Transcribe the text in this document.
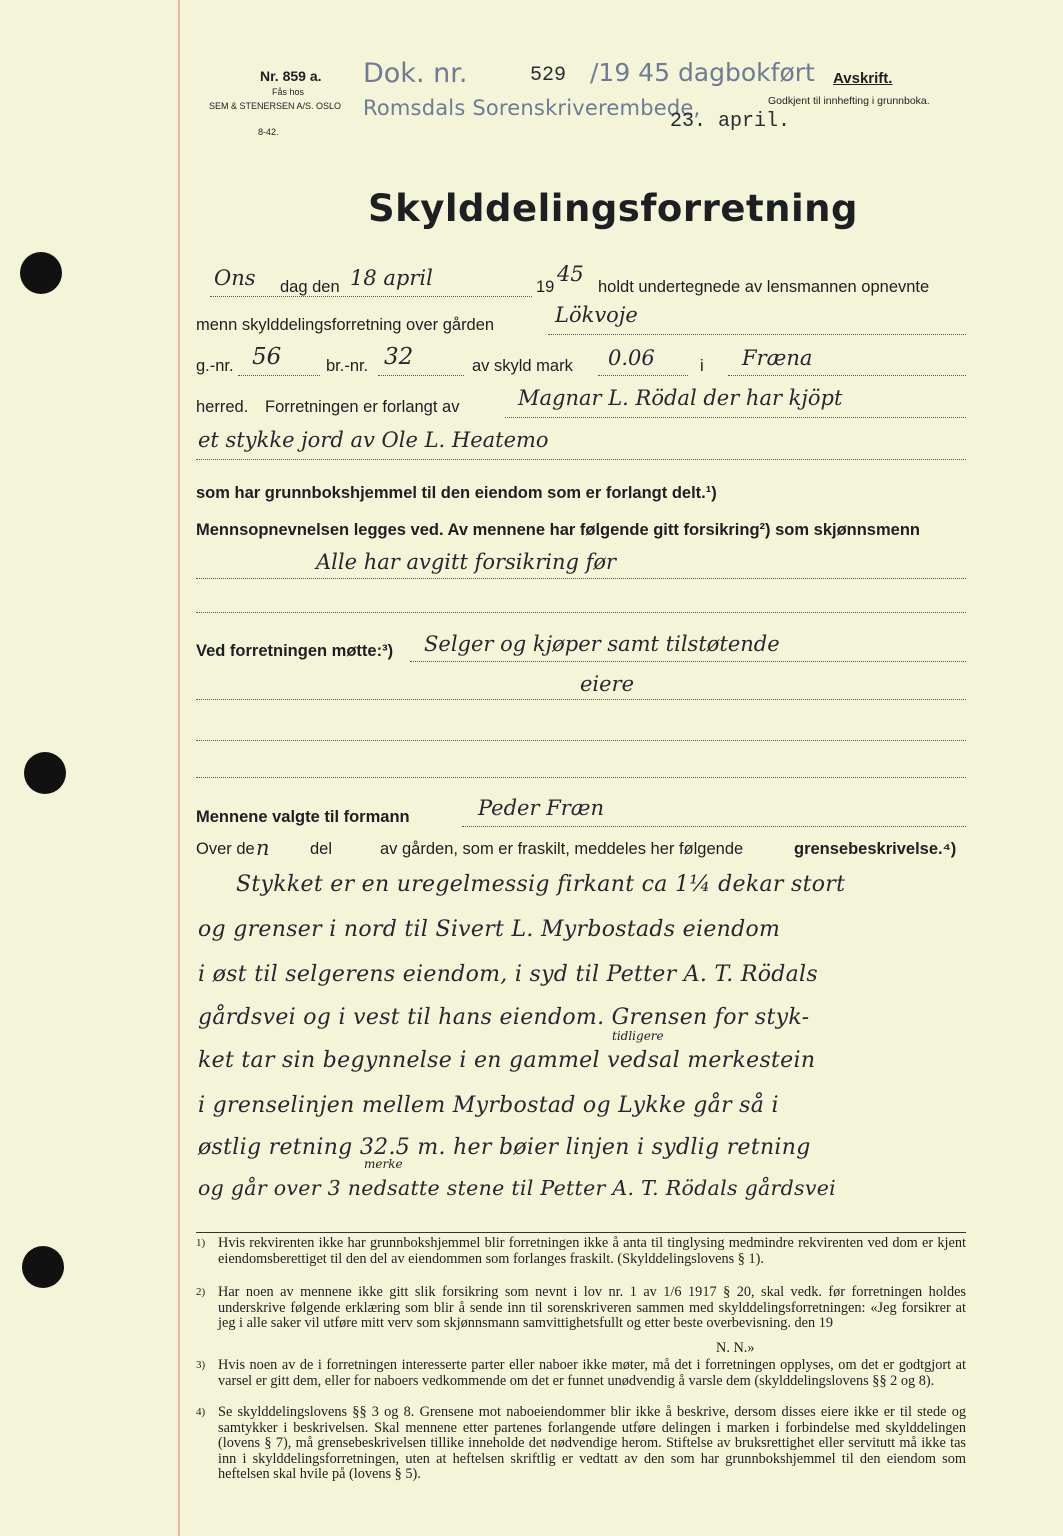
Nr. 859 a.
Fås hos
SEM & STENERSEN A/S. OSLO
8-42.
Dok. nr.	529 /19 45 dagbokført
Romsdals Sorenskriverembede,
23. april.
Avskrift.
Godkjent til innhefting i grunnboka.
Skylddelingsforretning
Ons dag den 18 april	19
45
holdt undertegnede av lensmannen opnevnte
menn skylddelingsforretning over gården	Lökvoje
g.-nr. 56	br.-nr. 32	av skyld mark 0.06	i Fræna
herred. Forretningen er forlangt av	Magnar L. Rödal der har kjöpt
et stykke jord av Ole L. Heatemo
som har grunnbokshjemmel til den eiendom som er forlangt delt.¹)
Mennsopnevnelsen legges ved. Av mennene har følgende gitt forsikring²) som skjønnsmenn
Alle har avgitt forsikring før
Ved forretningen møtte:³) Selger og kjøper samt tilstøtende
eiere
Mennene valgte til formann	Peder Fræn
Over de n del	av gården, som er fraskilt, meddeles her følgende	grensebeskrivelse.⁴)
Stykket er en uregelmessig firkant ca 1¼ dekar stort
og grenser i nord til Sivert L. Myrbostads eiendom
i øst til selgerens eiendom, i syd til Petter A. T. Rödals
gårdsvei og i vest til hans eiendom. Grensen for styk-
tidligere
ket tar sin begynnelse i en gammel vedsal merkestein
i grenselinjen mellem Myrbostad og Lykke går så i
østlig retning 32.5 m. her bøier linjen i sydlig retning
merke
og går over 3 nedsatte stene til Petter A. T. Rödals gårdsvei
1) Hvis rekvirenten ikke har grunnbokshjemmel blir forretningen ikke å anta til tinglysing medmindre rekvirenten ved dom er kjent eiendomsberettiget til den del av eiendommen som forlanges fraskilt. (Skylddelingslovens § 1).
2) Har noen av mennene ikke gitt slik forsikring som nevnt i lov nr. 1 av 1/6 1917 § 20, skal vedk. før forretningen holdes underskrive følgende erklæring som blir å sende inn til sorenskriveren sammen med skylddelingsforretningen: «Jeg forsikrer at jeg i alle saker vil utføre mitt verv som skjønnsmann samvittighetsfullt og etter beste overbevisning. den 19
N. N.»
3) Hvis noen av de i forretningen interesserte parter eller naboer ikke møter, må det i forretningen opplyses, om det er godtgjort at varsel er gitt dem, eller for naboers vedkommende om det er funnet unødvendig å varsle dem (skylddelingslovens §§ 2 og 8).
4) Se skylddelingslovens §§ 3 og 8. Grensene mot naboeiendommer blir ikke å beskrive, dersom disses eiere ikke er til stede og samtykker i beskrivelsen. Skal mennene etter partenes forlangende utføre delingen i marken i forbindelse med skylddelingen (lovens § 7), må grensebeskrivelsen tillike inneholde det nødvendige herom. Stiftelse av bruksrettighet eller servitutt må ikke tas inn i skylddelingsforretningen, uten at heftelsen skriftlig er vedtatt av den som har grunnbokshjemmel til den eiendom som heftelsen skal hvile på (lovens § 5).
